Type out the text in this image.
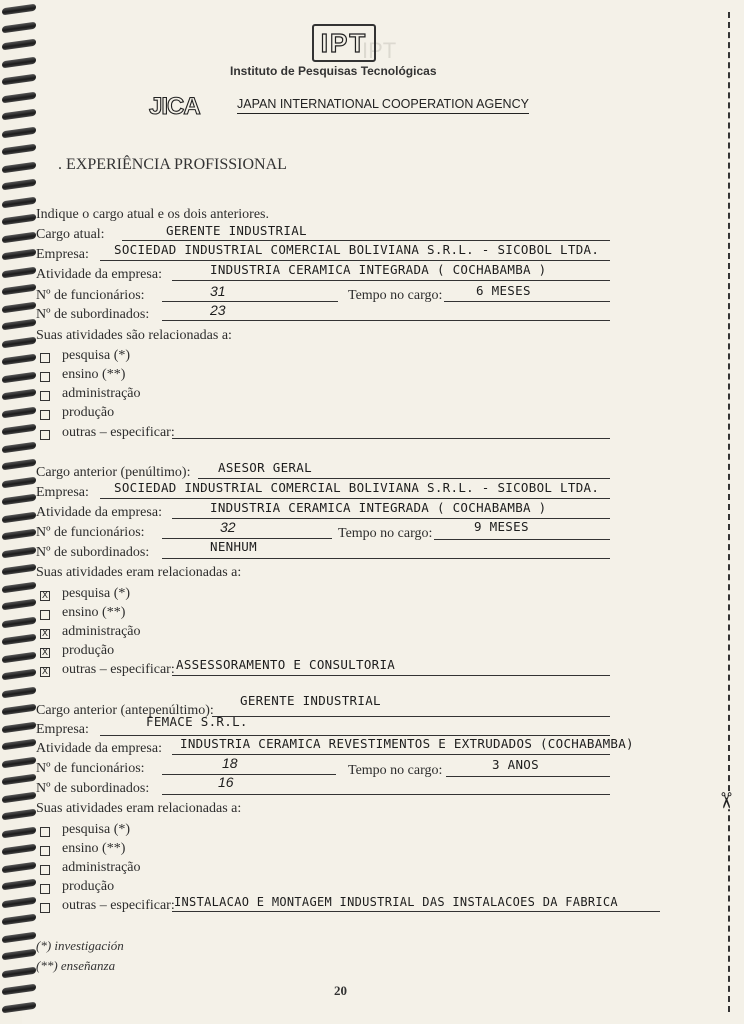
IPT
✂
IPT
Instituto de Pesquisas Tecnológicas
JICA	JAPAN INTERNATIONAL COOPERATION AGENCY
. EXPERIÊNCIA PROFISSIONAL
Indique o cargo atual e os dois anteriores.
Cargo atual:	GERENTE INDUSTRIAL
Empresa: SOCIEDAD INDUSTRIAL COMERCIAL BOLIVIANA S.R.L. - SICOBOL LTDA.
Atividade da empresa:	INDUSTRIA CERAMICA INTEGRADA ( COCHABAMBA )
Nº de funcionários:	31	Tempo no cargo:	6 MESES
Nº de subordinados:	23
Suas atividades são relacionadas a:
pesquisa (*)
ensino (**)
administração
produção
outras – especificar:
Cargo anterior (penúltimo): ASESOR GERAL
Empresa: SOCIEDAD INDUSTRIAL COMERCIAL BOLIVIANA S.R.L. - SICOBOL LTDA.
Atividade da empresa:	INDUSTRIA CERAMICA INTEGRADA ( COCHABAMBA )
Nº de funcionários:	32	Tempo no cargo:	9 MESES
Nº de subordinados:	NENHUM
Suas atividades eram relacionadas a:
X pesquisa (*)
ensino (**)
X administração
X produção
X outras – especificar: ASSESSORAMENTO E CONSULTORIA
Cargo anterior (antepenúltimo):
GERENTE INDUSTRIAL
Empresa:
FEMACE S.R.L.
Atividade da empresa: INDUSTRIA CERAMICA REVESTIMENTOS E EXTRUDADOS (COCHABAMBA)
Nº de funcionários:	18	Tempo no cargo:	3 ANOS
Nº de subordinados:	16
Suas atividades eram relacionadas a:
pesquisa (*)
ensino (**)
administração
produção
outras – especificar: INSTALACAO E MONTAGEM INDUSTRIAL DAS INSTALACOES DA FABRICA
(*) investigación
(**) enseñanza
20
